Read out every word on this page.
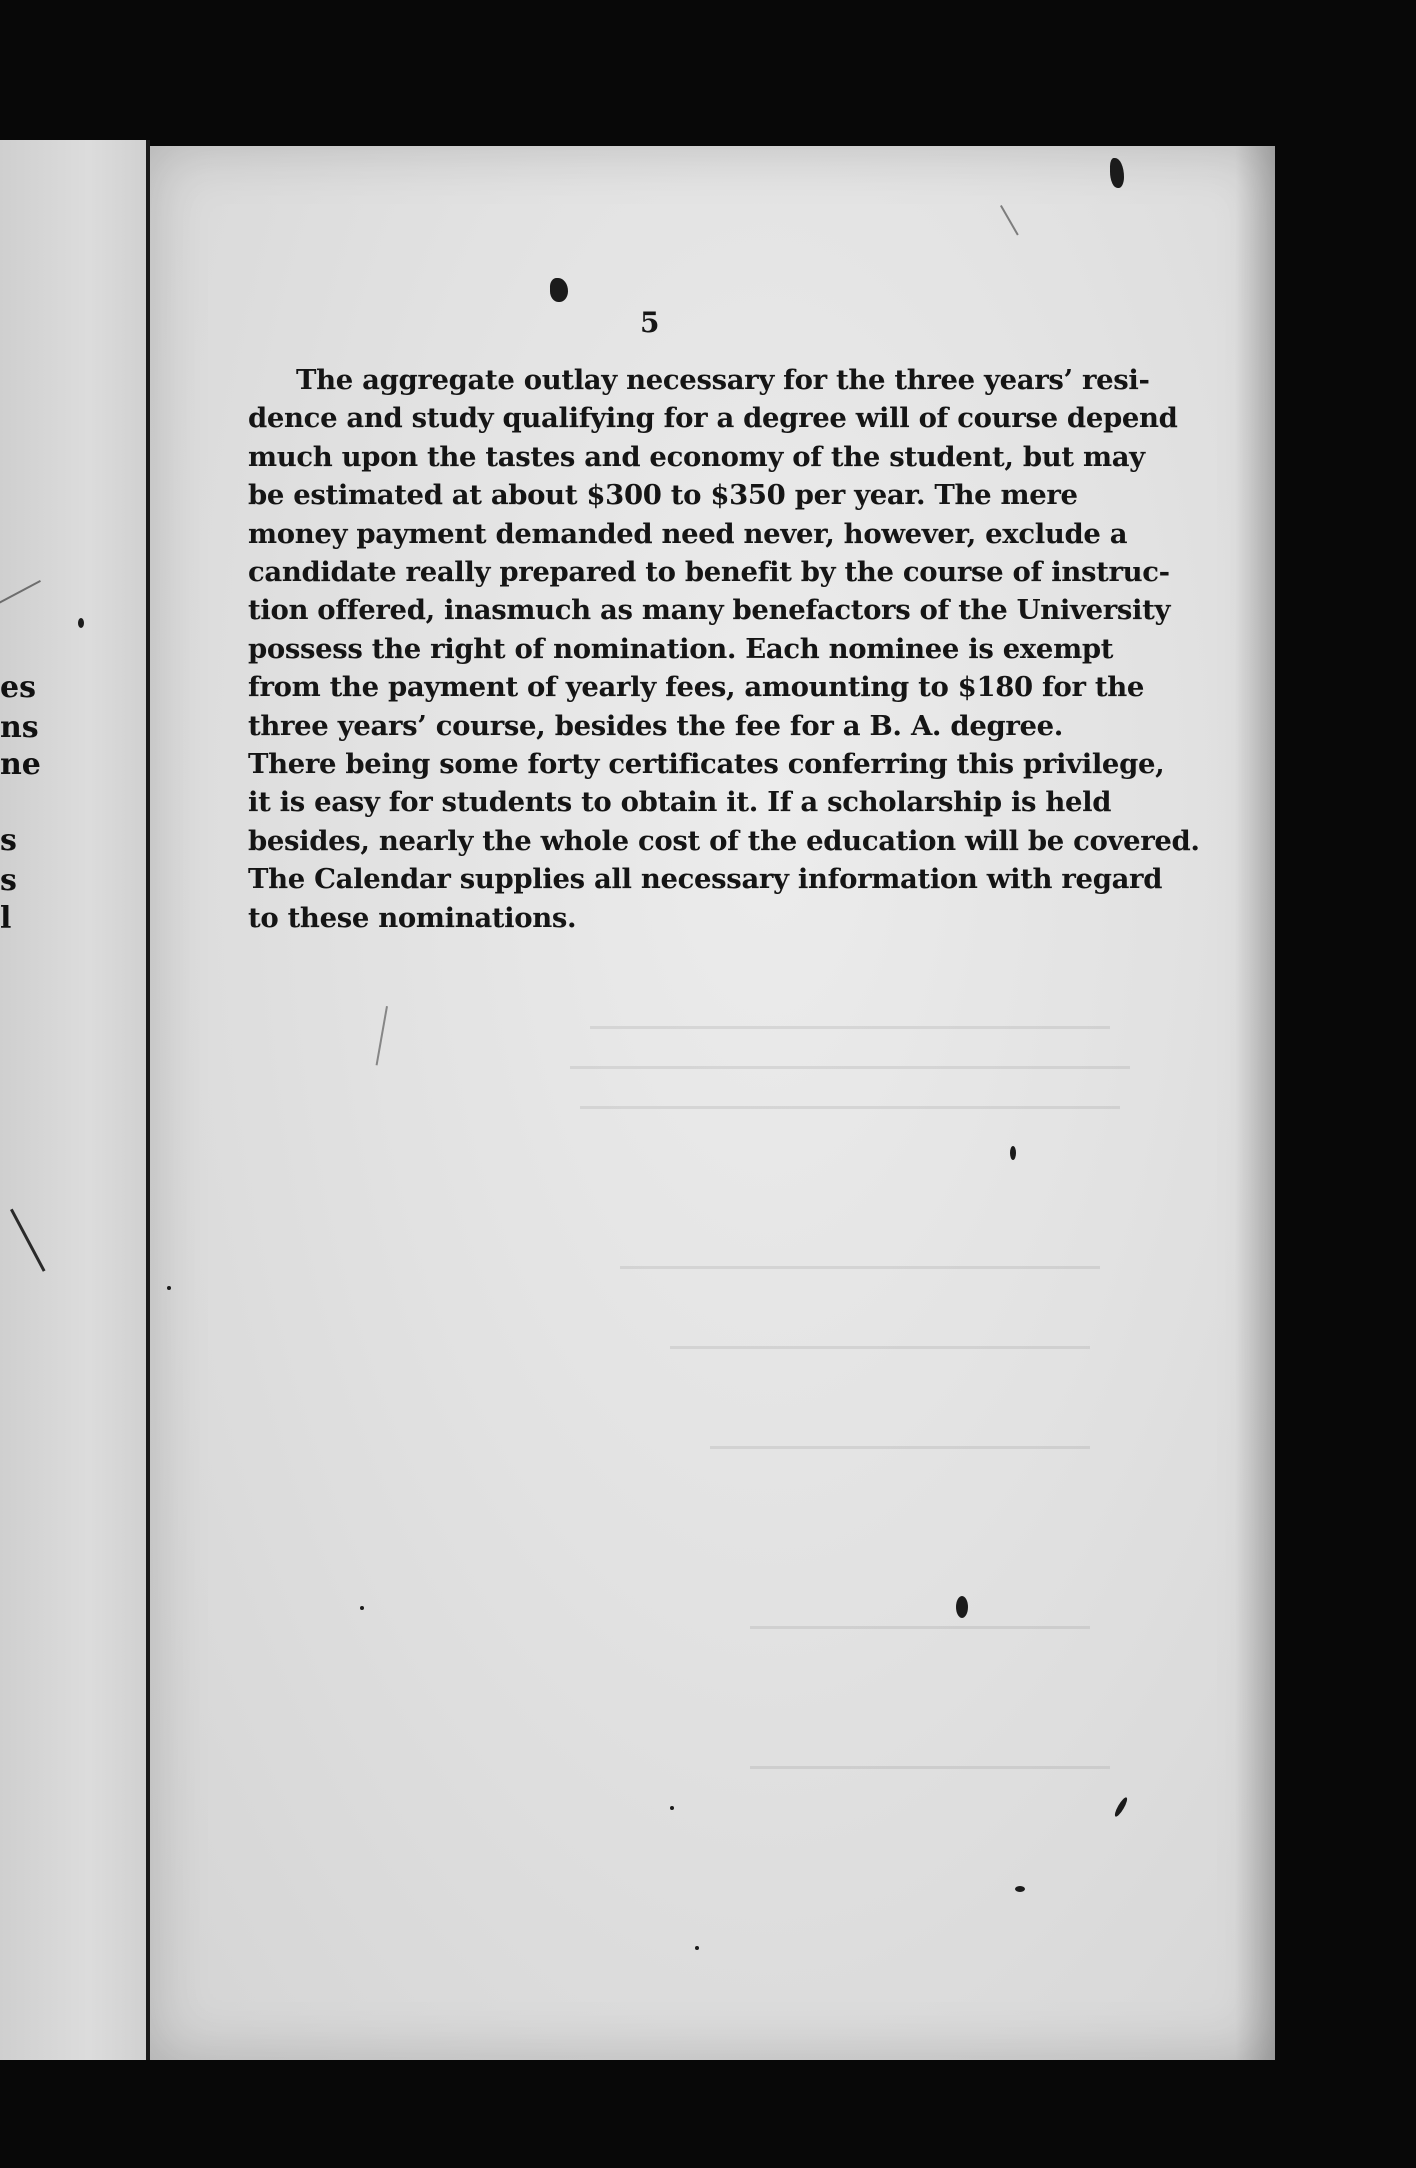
es
ns
ne
s
s
l
5
The aggregate outlay necessary for the three years’ resi-
dence and study qualifying for a degree will of course depend
much upon the tastes and economy of the student, but may
be estimated at about $300 to $350 per year. The mere
money payment demanded need never, however, exclude a
candidate really prepared to benefit by the course of instruc-
tion offered, inasmuch as many benefactors of the University
possess the right of nomination. Each nominee is exempt
from the payment of yearly fees, amounting to $180 for the
three years’ course, besides the fee for a B. A. degree.
There being some forty certificates conferring this privilege,
it is easy for students to obtain it. If a scholarship is held
besides, nearly the whole cost of the education will be covered.
The Calendar supplies all necessary information with regard
to these nominations.
